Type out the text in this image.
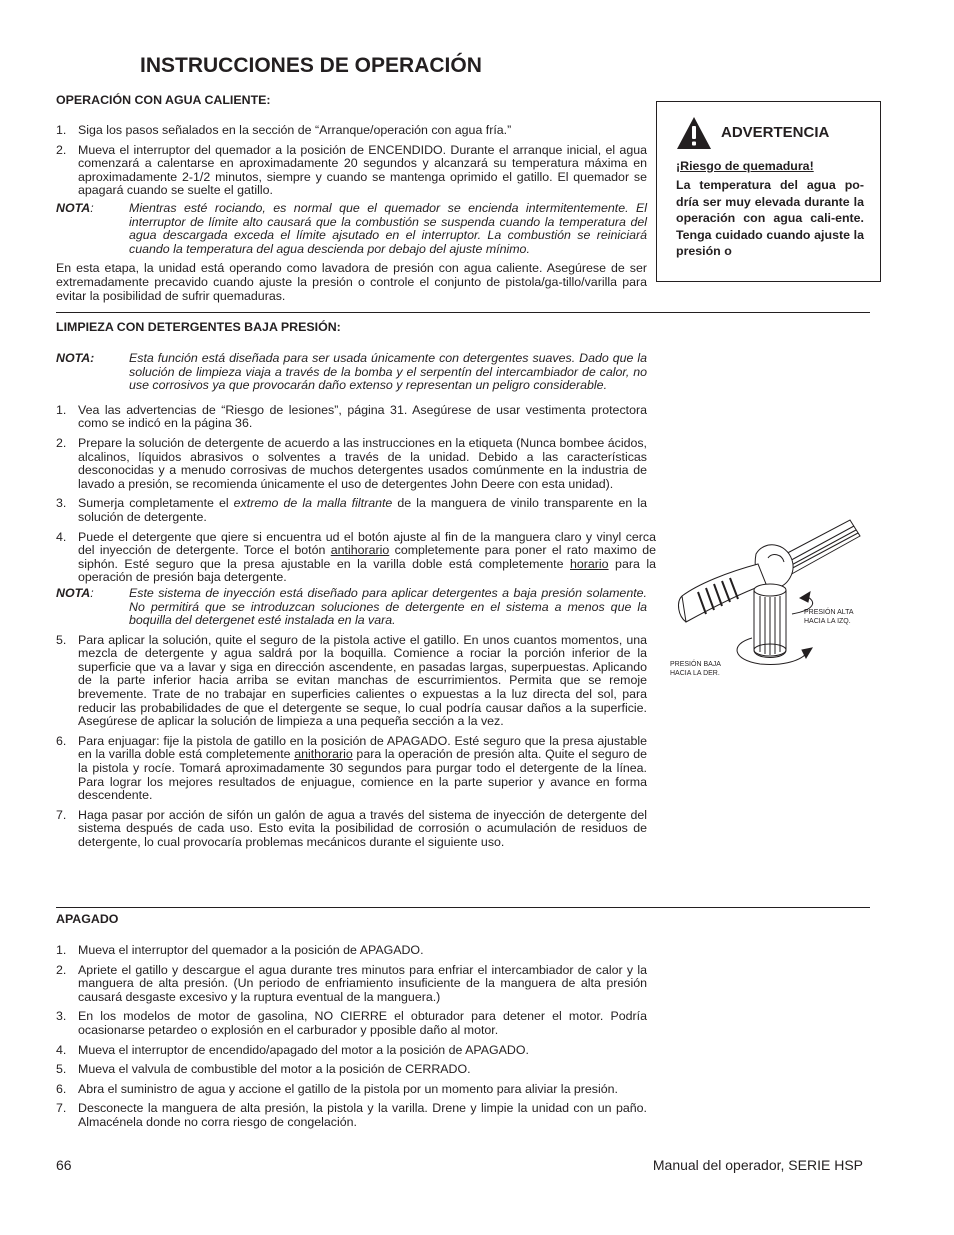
INSTRUCCIONES DE OPERACIÓN
OPERACIÓN CON AGUA CALIENTE:
1. Siga los pasos señalados en la sección de “Arranque/operación con agua fría.”
2. Mueva el interruptor del quemador a la posición de ENCENDIDO. Durante el arranque inicial, el agua comenzará a calentarse en aproximadamente 20 segundos y alcanzará su temperatura máxima en aproximadamente 2-1/2 minutos, siempre y cuando se mantenga oprimido el gatillo. El quemador se apagará cuando se suelte el gatillo.
NOTA:	Mientras esté rociando, es normal que el quemador se encienda intermitentemente. El interruptor de límite alto causará que la combustión se suspenda cuando la temperatura del agua descargada exceda el límite ajsutado en el interruptor. La combustión se reiniciará cuando la temperatura del agua descienda por debajo del ajuste mínimo.
En esta etapa, la unidad está operando como lavadora de presión con agua caliente. Asegúrese de ser extremadamente precavido cuando ajuste la presión o controle el conjunto de pistola/ga-tillo/varilla para evitar la posibilidad de sufrir quemaduras.
ADVERTENCIA
¡Riesgo de quemadura!
La temperatura del agua po-dría ser muy elevada durante la operación con agua cali-ente. Tenga cuidado cuando ajuste la presión o
LIMPIEZA CON DETERGENTES BAJA PRESIÓN:
NOTA:	Esta función está diseñada para ser usada únicamente con detergentes suaves. Dado que la solución de limpieza viaja a través de la bomba y el serpentín del intercambiador de calor, no use corrosivos ya que provocarán daño extenso y representan un peligro considerable.
1. Vea las advertencias de “Riesgo de lesiones”, página 31. Asegúrese de usar vestimenta protectora como se indicó en la página 36.
2. Prepare la solución de detergente de acuerdo a las instrucciones en la etiqueta (Nunca bombee ácidos, alcalinos, líquidos abrasivos o solventes a través de la unidad. Debido a las características desconocidas y a menudo corrosivas de muchos detergentes usados comúnmente en la industria de lavado a presión, se recomienda únicamente el uso de detergentes John Deere con esta unidad).
3. Sumerja completamente el extremo de la malla filtrante de la manguera de vinilo transparente en la solución de detergente.
4. Puede el detergente que qiere si encuentra ud el botón ajuste al fin de la manguera claro y vinyl cerca del inyección de detergente. Torce el botón antihorario completemente para poner el rato maximo de siphón. Esté seguro que la presa ajustable en la varilla doble está completemente horario para la operación de presión baja detergente.
NOTA:	Este sistema de inyección está diseñado para aplicar detergentes a baja presión solamente. No permitirá que se introduzcan soluciones de detergente en el sistema a menos que la boquilla del detergenet esté instalada en la vara.
5. Para aplicar la solución, quite el seguro de la pistola active el gatillo. En unos cuantos momentos, una mezcla de detergente y agua saldrá por la boquilla. Comience a rociar la porción inferior de la superficie que va a lavar y siga en dirección ascendente, en pasadas largas, superpuestas. Aplicando de la parte inferior hacia arriba se evitan manchas de escurrimientos. Permita que se remoje brevemente. Trate de no trabajar en superficies calientes o expuestas a la luz directa del sol, para reducir las probabilidades de que el detergente se seque, lo cual podría causar daños a la superficie. Asegúrese de aplicar la solución de limpieza a una pequeña sección a la vez.
6. Para enjuagar: fije la pistola de gatillo en la posición de APAGADO. Esté seguro que la presa ajustable en la varilla doble está completemente anithorario para la operación de presión alta. Quite el seguro de la pistola y rocíe. Tomará aproximadamente 30 segundos para purgar todo el detergente de la línea. Para lograr los mejores resultados de enjuague, comience en la parte superior y avance en forma descendente.
7. Haga pasar por acción de sifón un galón de agua a través del sistema de inyección de detergente del sistema después de cada uso. Esto evita la posibilidad de corrosión o acumulación de residuos de detergente, lo cual provocaría problemas mecánicos durante el siguiente uso.
PRESIÓN ALTA
HACIA LA IZQ.
PRESIÓN BAJA
HACIA LA DER.
APAGADO
1. Mueva el interruptor del quemador a la posición de APAGADO.
2. Apriete el gatillo y descargue el agua durante tres minutos para enfriar el intercambiador de calor y la manguera de alta presión. (Un periodo de enfriamiento insuficiente de la manguera de alta presión causará desgaste excesivo y la ruptura eventual de la manguera.)
3. En los modelos de motor de gasolina, NO CIERRE el obturador para detener el motor. Podría ocasionarse petardeo o explosión en el carburador y pposible daño al motor.
4. Mueva el interruptor de encendido/apagado del motor a la posición de APAGADO.
5. Mueva el valvula de combustible del motor a la posición de CERRADO.
6. Abra el suministro de agua y accione el gatillo de la pistola por un momento para aliviar la presión.
7. Desconecte la manguera de alta presión, la pistola y la varilla. Drene y limpie la unidad con un paño. Almacénela donde no corra riesgo de congelación.
66	Manual del operador, SERIE HSP
